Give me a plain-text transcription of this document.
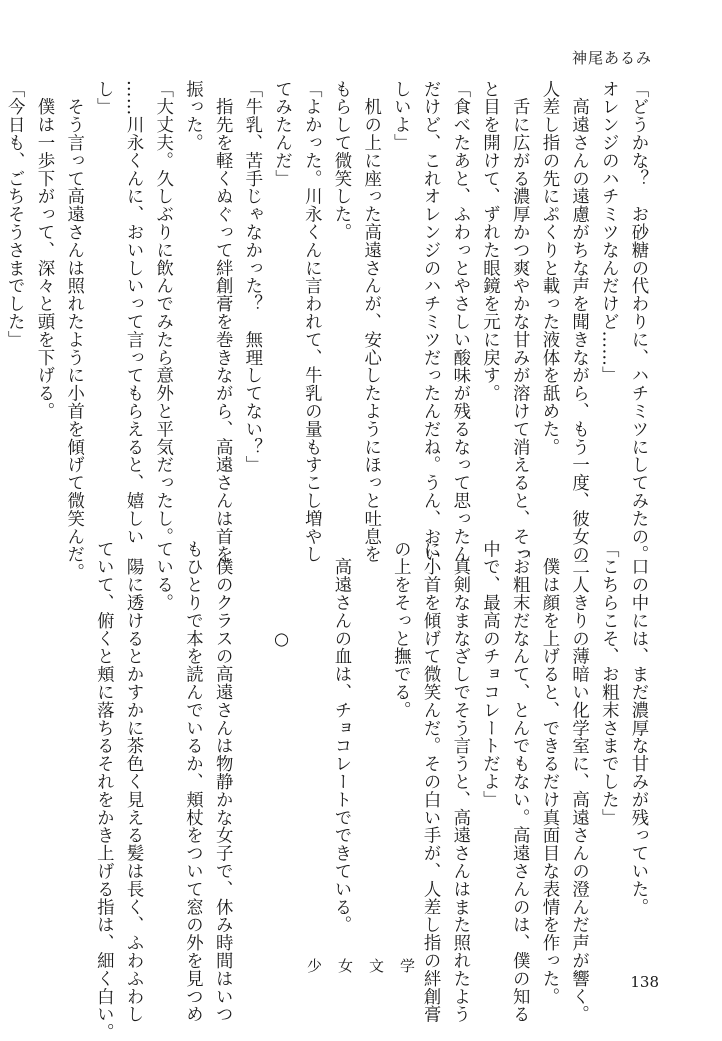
神尾あるみ
「どうかな？　お砂糖の代わりに、ハチミツにしてみたの。
オレンジのハチミツなんだけど……」
　高遠さんの遠慮がちな声を聞きながら、もう一度、彼女の
人差し指の先にぷくりと載った液体を舐めた。
　舌に広がる濃厚かつ爽やかな甘みが溶けて消えると、そっ
と目を開けて、ずれた眼鏡を元に戻す。
「食べたあと、ふわっとやさしい酸味が残るなって思ったん
だけど、これオレンジのハチミツだったんだね。うん、おい
しいよ」
　机の上に座った高遠さんが、安心したようにほっと吐息を
もらして微笑した。
「よかった。川永くんに言われて、牛乳の量もすこし増やし
てみたんだ」
「牛乳、苦手じゃなかった？　無理してない？」
　指先を軽くぬぐって絆創膏を巻きながら、高遠さんは首を
振った。
「大丈夫。久しぶりに飲んでみたら意外と平気だったし。
……川永くんに、おいしいって言ってもらえると、嬉しい
し」
　そう言って高遠さんは照れたように小首を傾げて微笑んだ。
　僕は一歩下がって、深々と頭を下げる。
「今日も、ごちそうさまでした」
　口の中には、まだ濃厚な甘みが残っていた。
「こちらこそ、お粗末さまでした」
　二人きりの薄暗い化学室に、高遠さんの澄んだ声が響く。
　僕は顔を上げると、できるだけ真面目な表情を作った。
「お粗末だなんて、とんでもない。高遠さんのは、僕の知る
中で、最高のチョコレートだよ」
　真剣なまなざしでそう言うと、高遠さんはまた照れたよう
に小首を傾げて微笑んだ。その白い手が、人差し指の絆創膏
の上をそっと撫でる。

　高遠さんの血は、チョコレートでできている。

　　　　　○

　僕のクラスの高遠さんは物静かな女子で、休み時間はいつ
もひとりで本を読んでいるか、頬杖をついて窓の外を見つめ
ている。
　陽に透けるとかすかに茶色く見える髪は長く、ふわふわし
ていて、俯くと頬に落ちるそれをかき上げる指は、細く白い。	少女文学
138
